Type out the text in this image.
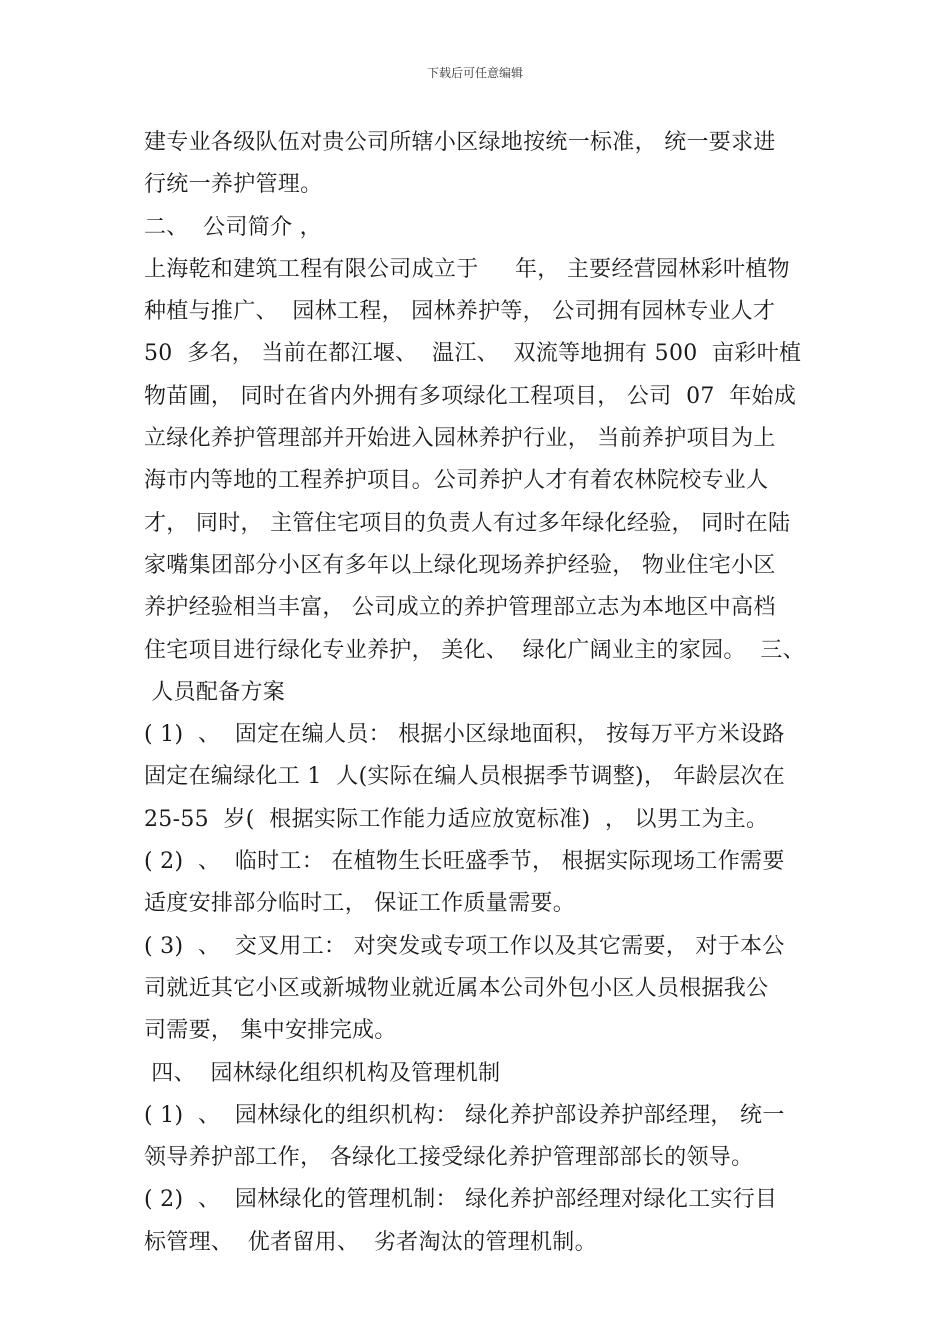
下载后可任意编辑
建专业各级队伍对贵公司所辖小区绿地按统一标准， 统一要求进
行统一养护管理。
二、  公司简介 ，
上海乾和建筑工程有限公司成立于     年， 主要经营园林彩叶植物
种植与推广、  园林工程， 园林养护等， 公司拥有园林专业人才
50  多名， 当前在都江堰、  温江、  双流等地拥有 500  亩彩叶植
物苗圃， 同时在省内外拥有多项绿化工程项目， 公司  07  年始成
立绿化养护管理部并开始进入园林养护行业， 当前养护项目为上
海市内等地的工程养护项目。公司养护人才有着农林院校专业人
才， 同时， 主管住宅项目的负责人有过多年绿化经验， 同时在陆
家嘴集团部分小区有多年以上绿化现场养护经验， 物业住宅小区
养护经验相当丰富， 公司成立的养护管理部立志为本地区中高档
住宅项目进行绿化专业养护， 美化、  绿化广阔业主的家园。  三、
人员配备方案
( 1)  、  固定在编人员： 根据小区绿地面积， 按每万平方米设路
固定在编绿化工 1  人(实际在编人员根据季节调整)， 年龄层次在
25-55  岁(  根据实际工作能力适应放宽标准)  ， 以男工为主。
( 2)  、  临时工： 在植物生长旺盛季节， 根据实际现场工作需要
适度安排部分临时工， 保证工作质量需要。
( 3)  、  交叉用工： 对突发或专项工作以及其它需要， 对于本公
司就近其它小区或新城物业就近属本公司外包小区人员根据我公
司需要， 集中安排完成。
四、  园林绿化组织机构及管理机制
( 1)  、  园林绿化的组织机构： 绿化养护部设养护部经理， 统一
领导养护部工作， 各绿化工接受绿化养护管理部部长的领导。
( 2)  、  园林绿化的管理机制： 绿化养护部经理对绿化工实行目
标管理、  优者留用、  劣者淘汰的管理机制。
